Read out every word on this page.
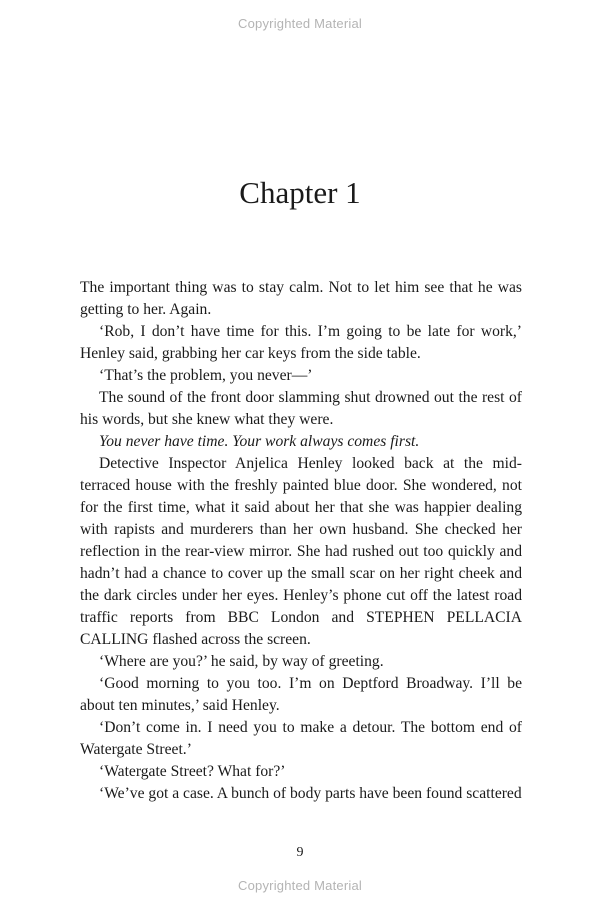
Copyrighted Material
Chapter 1

The important thing was to stay calm. Not to let him see that he was getting to her. Again.

‘Rob, I don’t have time for this. I’m going to be late for work,’ Henley said, grabbing her car keys from the side table.

‘That’s the problem, you never—’

The sound of the front door slamming shut drowned out the rest of his words, but she knew what they were.

You never have time. Your work always comes first.

Detective Inspector Anjelica Henley looked back at the mid-terraced house with the freshly painted blue door. She wondered, not for the first time, what it said about her that she was happier dealing with rapists and murderers than her own husband. She checked her reflection in the rear-view mirror. She had rushed out too quickly and hadn’t had a chance to cover up the small scar on her right cheek and the dark circles under her eyes. Henley’s phone cut off the latest road traffic reports from BBC London and STEPHEN PELLACIA CALLING flashed across the screen.

‘Where are you?’ he said, by way of greeting.

‘Good morning to you too. I’m on Deptford Broadway. I’ll be about ten minutes,’ said Henley.

‘Don’t come in. I need you to make a detour. The bottom end of Watergate Street.’

‘Watergate Street? What for?’

‘We’ve got a case. A bunch of body parts have been found scattered

9
Copyrighted Material
